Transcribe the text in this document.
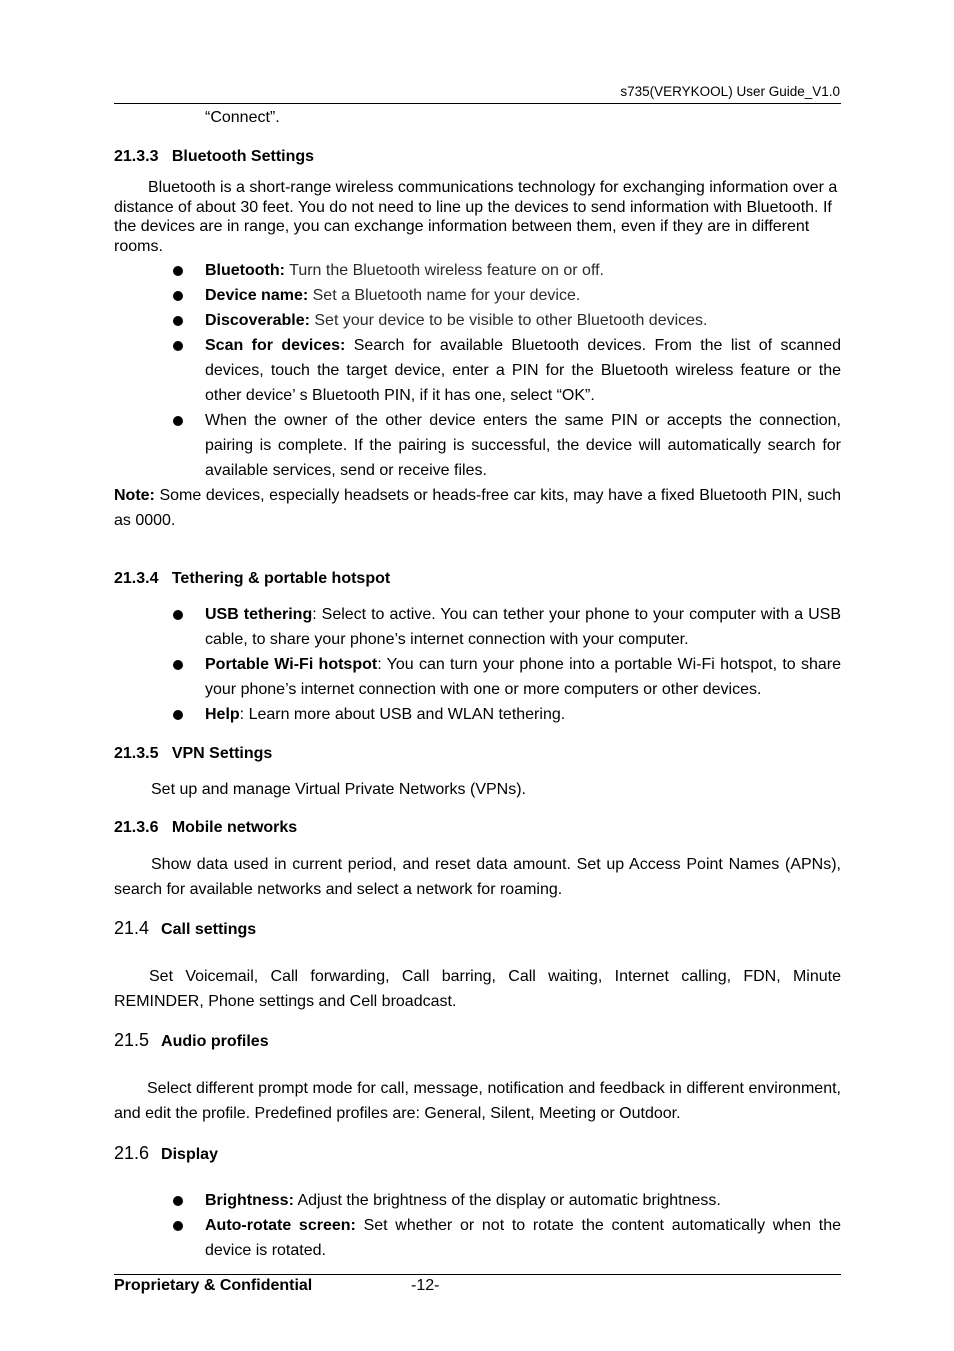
s735(VERYKOOL) User Guide_V1.0
“Connect”.
21.3.3 Bluetooth Settings
Bluetooth is a short-range wireless communications technology for exchanging information over a distance of about 30 feet. You do not need to line up the devices to send information with Bluetooth. If the devices are in range, you can exchange information between them, even if they are in different rooms.
Bluetooth: Turn the Bluetooth wireless feature on or off.
Device name: Set a Bluetooth name for your device.
Discoverable: Set your device to be visible to other Bluetooth devices.
Scan for devices: Search for available Bluetooth devices. From the list of scanned devices, touch the target device, enter a PIN for the Bluetooth wireless feature or the other device’ s Bluetooth PIN, if it has one, select “OK”.
When the owner of the other device enters the same PIN or accepts the connection, pairing is complete. If the pairing is successful, the device will automatically search for available services, send or receive files.
Note: Some devices, especially headsets or heads-free car kits, may have a fixed Bluetooth PIN, such as 0000.
21.3.4 Tethering & portable hotspot
USB tethering: Select to active. You can tether your phone to your computer with a USB cable, to share your phone’s internet connection with your computer.
Portable Wi-Fi hotspot: You can turn your phone into a portable Wi-Fi hotspot, to share your phone’s internet connection with one or more computers or other devices.
Help: Learn more about USB and WLAN tethering.
21.3.5 VPN Settings
Set up and manage Virtual Private Networks (VPNs).
21.3.6 Mobile networks
Show data used in current period, and reset data amount. Set up Access Point Names (APNs), search for available networks and select a network for roaming.
21.4 Call settings
Set Voicemail, Call forwarding, Call barring, Call waiting, Internet calling, FDN, Minute REMINDER, Phone settings and Cell broadcast.
21.5 Audio profiles
Select different prompt mode for call, message, notification and feedback in different environment, and edit the profile. Predefined profiles are: General, Silent, Meeting or Outdoor.
21.6 Display
Brightness: Adjust the brightness of the display or automatic brightness.
Auto-rotate screen: Set whether or not to rotate the content automatically when the device is rotated.
Proprietary & Confidential	-12-
